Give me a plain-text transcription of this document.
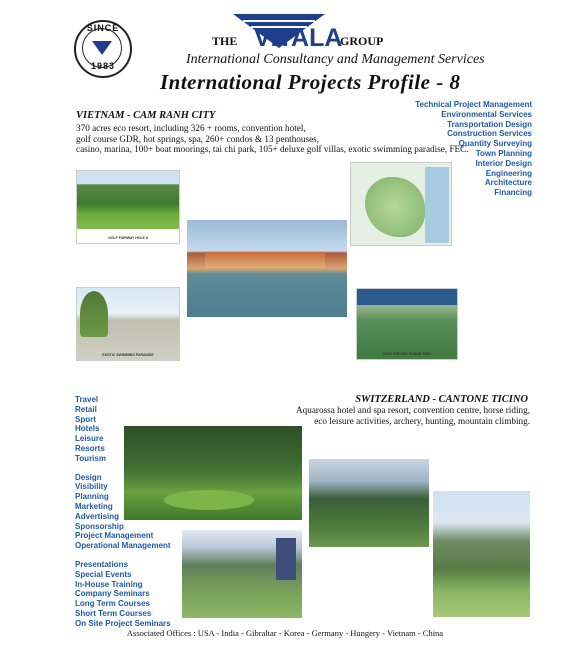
SINCE
1983
THE VITALA
GROUP
International Consultancy and Management Services
International Projects Profile - 8
Technical Project Management
Environmental Services
Transportation Design
Construction Services
Quantity Surveying
Town Planning
Interior Design
Engineering
Architecture
Financing
VIETNAM - CAM RANH CITY
370 acres eco resort, including 326 + rooms, convention hotel,
golf course GDR, hot springs, spa, 260+ condos & 13 penthouses,
casino, marina, 100+ boat moorings, tai chi park, 105+ deluxe golf villas, exotic swimming paradise, FEC.
GOLF FAIRWAY HOLE 8
EXOTIC SWIMMING PARADISE	GOLF DRIVING RANGE TEES
SWITZERLAND - CANTONE TICINO
Aquarossa hotel and spa resort, convention centre, horse riding,
eco leisure activities, archery, hunting, mountain climbing.
Travel
Retail
Sport
Hotels
Leisure
Resorts
Tourism
Design
Visibility
Planning
Marketing
Advertising
Sponsorship
Project Management
Operational Management
Presentations
Special Events
In-House Training
Company Seminars
Long Term Courses
Short Term Courses
On Site Project Seminars
Associated Offices : USA - India - Gibraltar - Korea - Germany - Hungery - Vietnam - China
